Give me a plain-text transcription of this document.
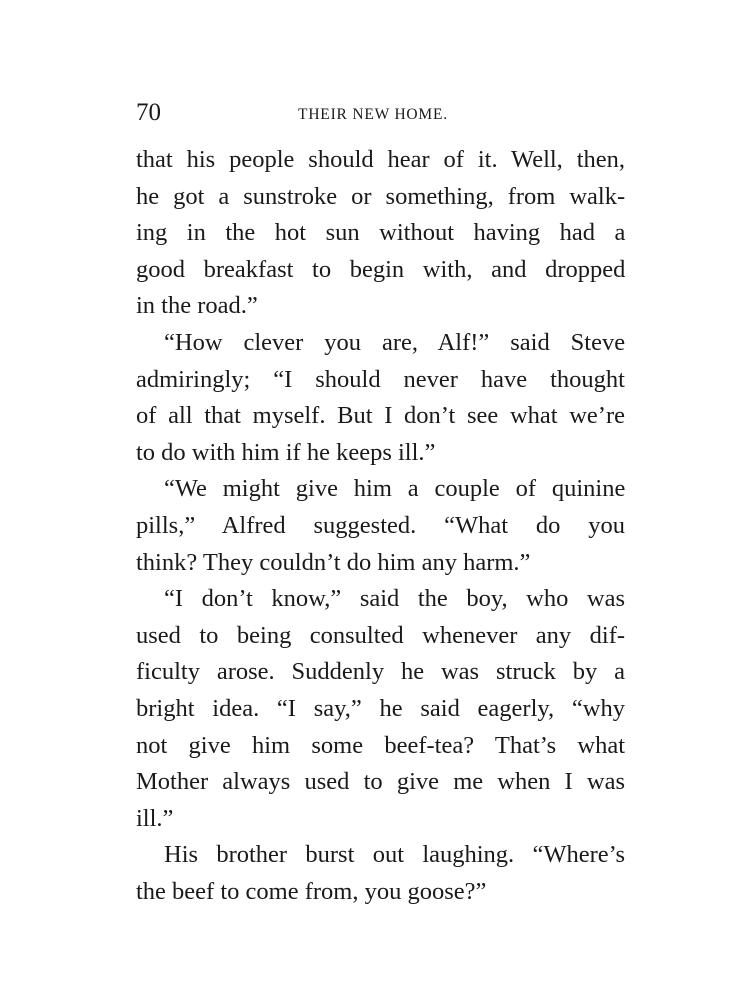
70	THEIR NEW HOME.
that his people should hear of it. Well, then,
he got a sunstroke or something, from walk-
ing in the hot sun without having had a
good breakfast to begin with, and dropped
in the road.”
“How clever you are, Alf!” said Steve
admiringly; “I should never have thought
of all that myself. But I don’t see what we’re
to do with him if he keeps ill.”
“We might give him a couple of quinine
pills,” Alfred suggested. “What do you
think? They couldn’t do him any harm.”
“I don’t know,” said the boy, who was
used to being consulted whenever any dif-
ficulty arose. Suddenly he was struck by a
bright idea. “I say,” he said eagerly, “why
not give him some beef-tea? That’s what
Mother always used to give me when I was
ill.”
His brother burst out laughing. “Where’s
the beef to come from, you goose?”
